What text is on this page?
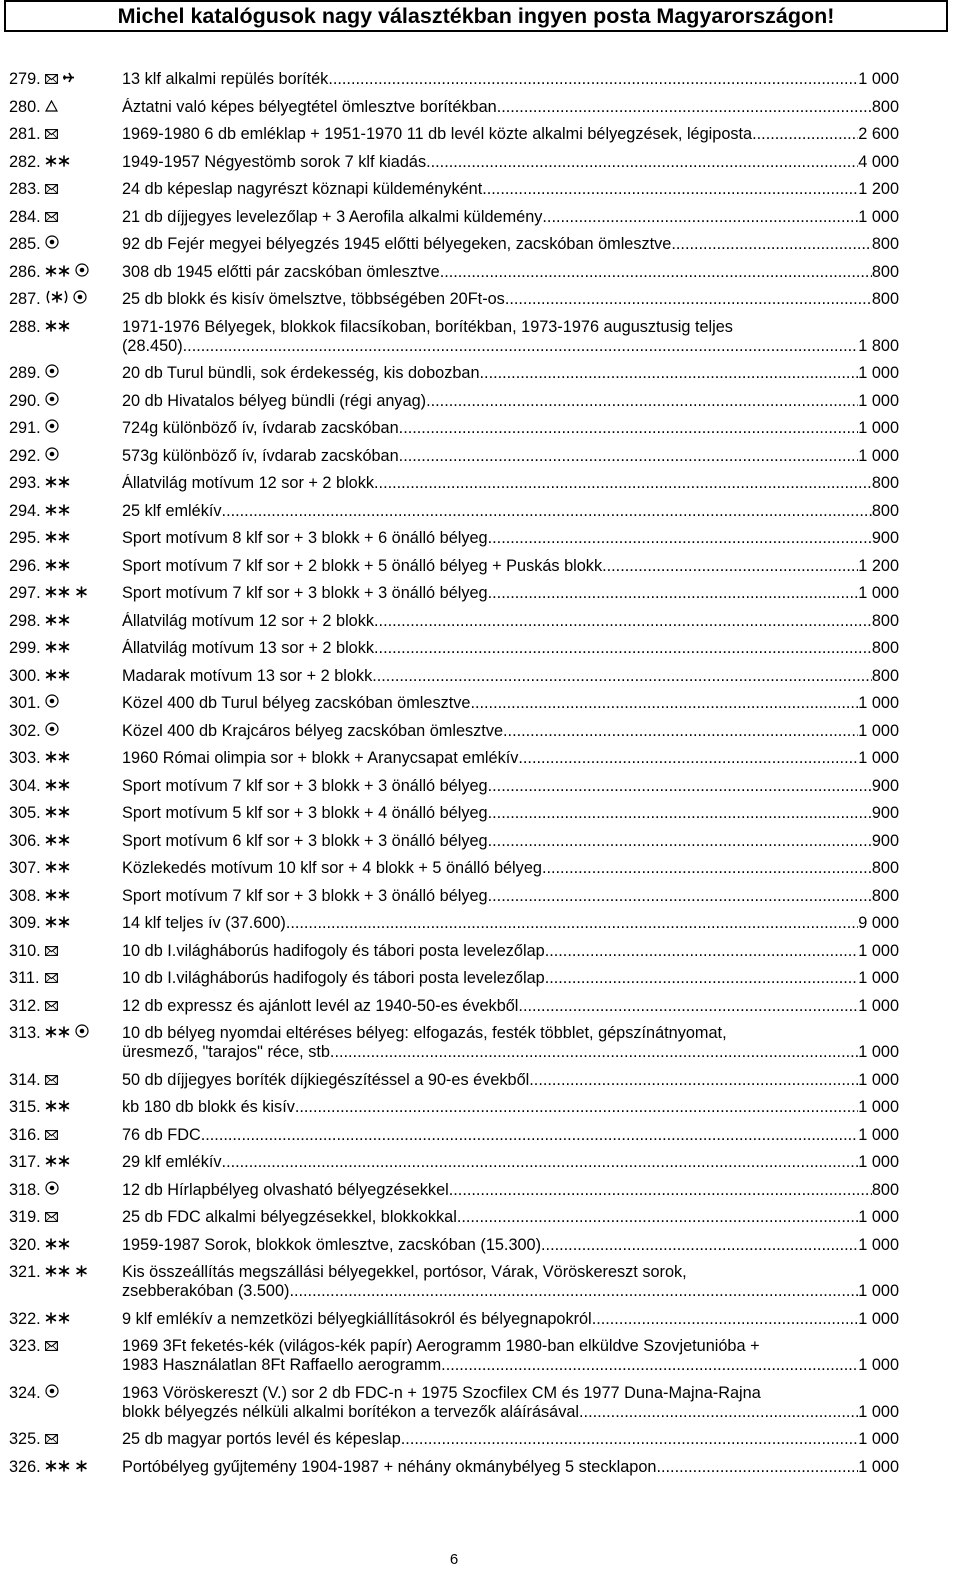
Michel katalógusok nagy választékban ingyen posta Magyarországon!
279.	13 klf alkalmi repülés boríték .....	1 000
280.	Áztatni való képes bélyegtétel ömlesztve borítékban .....	800
281.	1969-1980 6 db emléklap + 1951-1970 11 db levél közte alkalmi bélyegzések, légiposta .....	2 600
282.	1949-1957 Négyestömb sorok 7 klf kiadás .....	4 000
283.	24 db képeslap nagyrészt köznapi küldeményként .....	1 200
284.	21 db díjjegyes levelezőlap + 3 Aerofila alkalmi küldemény .....	1 000
285.	92 db Fejér megyei bélyegzés 1945 előtti bélyegeken, zacskóban ömlesztve .....	800
286.	308 db 1945 előtti pár zacskóban ömlesztve .....	800
287.	25 db blokk és kisív ömelsztve, többségében 20Ft-os .....	800
288.	1971-1976 Bélyegek, blokkok filacsíkoban, borítékban, 1973-1976 augusztusig teljes
(28.450) .....	1 800
289.	20 db Turul bündli, sok érdekesség, kis dobozban .....	1 000
290.	20 db Hivatalos bélyeg bündli (régi anyag) .....	1 000
291.	724g különböző ív, ívdarab zacskóban .....	1 000
292.	573g különböző ív, ívdarab zacskóban .....	1 000
293.	Állatvilág motívum 12 sor + 2 blokk .....	800
294.	25 klf emlékív .....	800
295.	Sport motívum 8 klf sor + 3 blokk + 6 önálló bélyeg .....	900
296.	Sport motívum 7 klf sor + 2 blokk + 5 önálló bélyeg + Puskás blokk .....	1 200
297.	Sport motívum 7 klf sor + 3 blokk + 3 önálló bélyeg .....	1 000
298.	Állatvilág motívum 12 sor + 2 blokk .....	800
299.	Állatvilág motívum 13 sor + 2 blokk .....	800
300.	Madarak motívum 13 sor + 2 blokk .....	800
301.	Közel 400 db Turul bélyeg zacskóban ömlesztve .....	1 000
302.	Közel 400 db Krajcáros bélyeg zacskóban ömlesztve .....	1 000
303.	1960 Római olimpia sor + blokk + Aranycsapat emlékív .....	1 000
304.	Sport motívum 7 klf sor + 3 blokk + 3 önálló bélyeg .....	900
305.	Sport motívum 5 klf sor + 3 blokk + 4 önálló bélyeg .....	900
306.	Sport motívum 6 klf sor + 3 blokk + 3 önálló bélyeg .....	900
307.	Közlekedés motívum 10 klf sor + 4 blokk + 5 önálló bélyeg .....	800
308.	Sport motívum 7 klf sor + 3 blokk + 3 önálló bélyeg .....	800
309.	14 klf teljes ív (37.600) .....	9 000
310.	10 db I.világháborús hadifogoly és tábori posta levelezőlap .....	1 000
311.	10 db I.világháborús hadifogoly és tábori posta levelezőlap .....	1 000
312.	12 db expressz és ajánlott levél az 1940-50-es évekből .....	1 000
313.	10 db bélyeg nyomdai eltéréses bélyeg: elfogazás, festék többlet, gépszínátnyomat,
üresmező, "tarajos" réce, stb. .....	1 000
314.	50 db díjjegyes boríték díjkiegészítéssel a 90-es évekből .....	1 000
315.	kb 180 db blokk és kisív .....	1 000
316.	76 db FDC .....	1 000
317.	29 klf emlékív .....	1 000
318.	12 db Hírlapbélyeg olvasható bélyegzésekkel .....	800
319.	25 db FDC alkalmi bélyegzésekkel, blokkokkal .....	1 000
320.	1959-1987 Sorok, blokkok ömlesztve, zacskóban (15.300) .....	1 000
321.	Kis összeállítás megszállási bélyegekkel, portósor, Várak, Vöröskereszt sorok,
zsebberakóban (3.500) .....	1 000
322.	9 klf emlékív a nemzetközi bélyegkiállításokról és bélyegnapokról .....	1 000
323.	1969 3Ft feketés-kék (világos-kék papír) Aerogramm 1980-ban elküldve Szovjetunióba +
1983 Használatlan 8Ft Raffaello aerogramm .....	1 000
324.	1963 Vöröskereszt (V.) sor 2 db FDC-n + 1975 Szocfilex CM és 1977 Duna-Majna-Rajna
blokk bélyegzés nélküli alkalmi borítékon a tervezők aláírásával .....	1 000
325.	25 db magyar portós levél és képeslap .....	1 000
326.	Portóbélyeg gyűjtemény 1904-1987 + néhány okmánybélyeg 5 stecklapon .....	1 000
6
